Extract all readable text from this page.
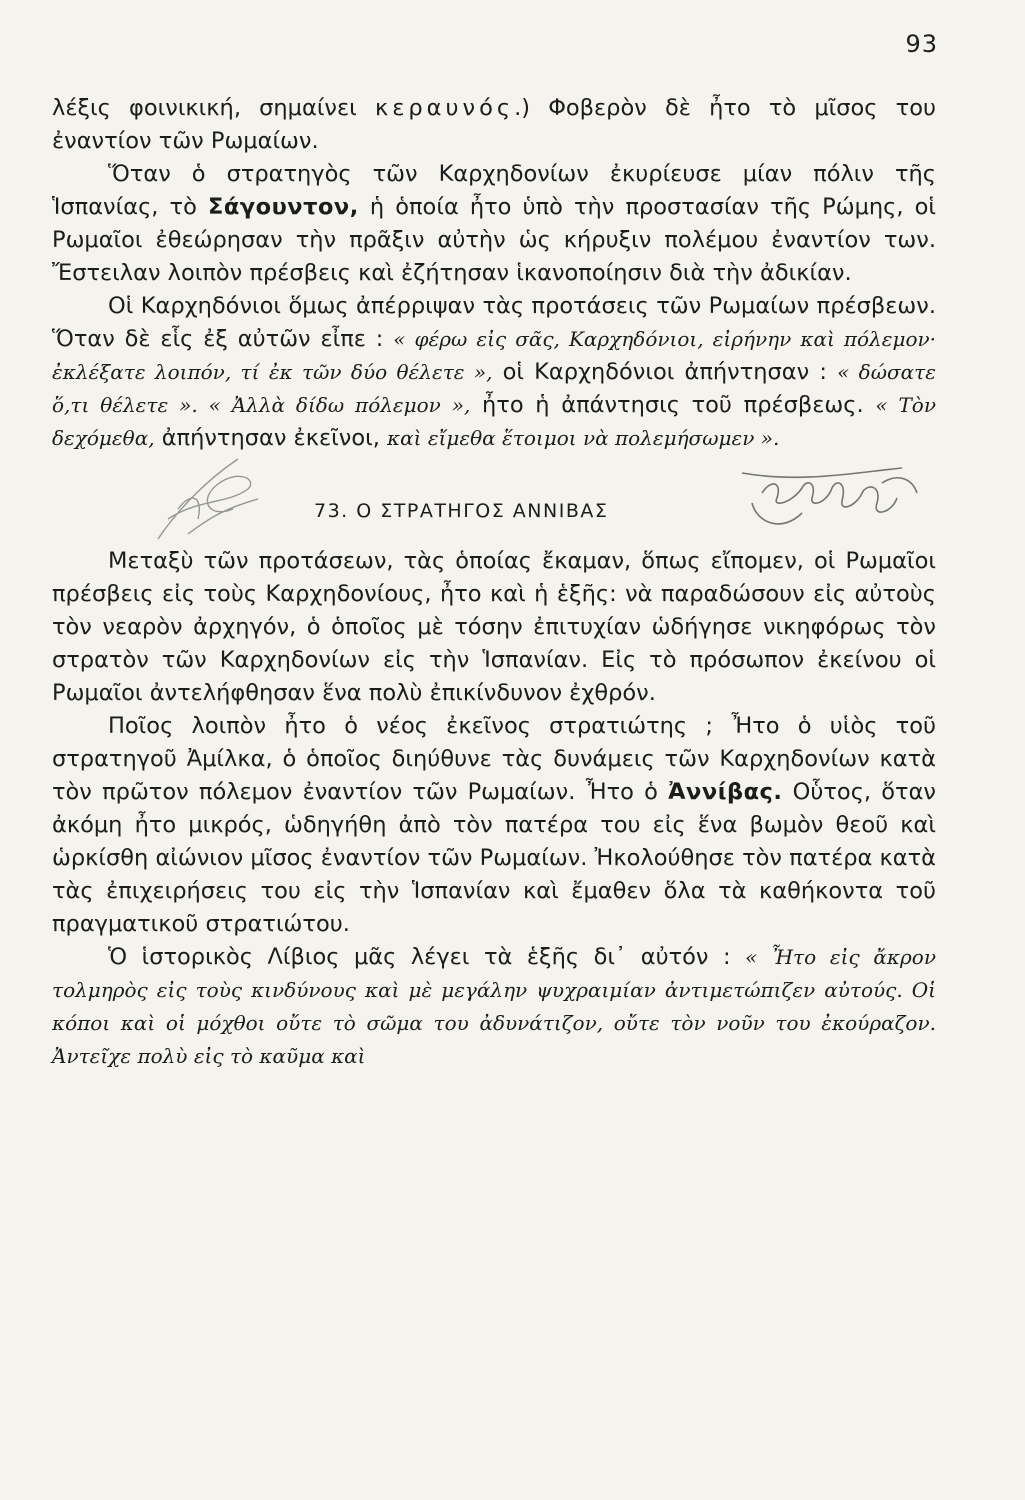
93

λέξις φοινικική, σημαίνει κεραυνός.) Φοβερὸν δὲ ἦτο τὸ μῖσος του ἐναντίον τῶν Ρωμαίων.

Ὅταν ὁ στρατηγὸς τῶν Καρχηδονίων ἐκυρίευσε μίαν πόλιν τῆς Ἱσπανίας, τὸ Σάγουντον, ἡ ὁποία ἦτο ὑπὸ τὴν προστασίαν τῆς Ρώμης, οἱ Ρωμαῖοι ἐθεώρησαν τὴν πρᾶξιν αὐτὴν ὡς κήρυξιν πολέμου ἐναντίον των. Ἔστειλαν λοιπὸν πρέσβεις καὶ ἐζήτησαν ἱκανοποίησιν διὰ τὴν ἀδικίαν.

Οἱ Καρχηδόνιοι ὅμως ἀπέρριψαν τὰς προτάσεις τῶν Ρωμαίων πρέσβεων. Ὅταν δὲ εἷς ἐξ αὐτῶν εἶπε : « φέρω εἰς σᾶς, Καρχηδόνιοι, εἰρήνην καὶ πόλεμον· ἐκλέξατε λοιπόν, τί ἐκ τῶν δύο θέλετε », οἱ Καρχηδόνιοι ἀπήντησαν : « δώσατε ὅ,τι θέλετε ». « Ἀλλὰ δίδω πόλεμον », ἦτο ἡ ἀπάντησις τοῦ πρέσβεως. « Τὸν δεχόμεθα, ἀπήντησαν ἐκεῖνοι, καὶ εἴμεθα ἕτοιμοι νὰ πολεμήσωμεν ».

73. Ο ΣΤΡΑΤΗΓΟΣ ΑΝΝΙΒΑΣ

Μεταξὺ τῶν προτάσεων, τὰς ὁποίας ἔκαμαν, ὅπως εἴπομεν, οἱ Ρωμαῖοι πρέσβεις εἰς τοὺς Καρχηδονίους, ἦτο καὶ ἡ ἑξῆς: νὰ παραδώσουν εἰς αὐτοὺς τὸν νεαρὸν ἀρχηγόν, ὁ ὁποῖος μὲ τόσην ἐπιτυχίαν ὡδήγησε νικηφόρως τὸν στρατὸν τῶν Καρχηδονίων εἰς τὴν Ἱσπανίαν. Εἰς τὸ πρόσωπον ἐκείνου οἱ Ρωμαῖοι ἀντελήφθησαν ἕνα πολὺ ἐπικίνδυνον ἐχθρόν.

Ποῖος λοιπὸν ἦτο ὁ νέος ἐκεῖνος στρατιώτης ; Ἦτο ὁ υἱὸς τοῦ στρατηγοῦ Ἀμίλκα, ὁ ὁποῖος διηύθυνε τὰς δυνάμεις τῶν Καρχηδονίων κατὰ τὸν πρῶτον πόλεμον ἐναντίον τῶν Ρωμαίων. Ἦτο ὁ Ἀννίβας. Οὗτος, ὅταν ἀκόμη ἦτο μικρός, ὡδηγήθη ἀπὸ τὸν πατέρα του εἰς ἕνα βωμὸν θεοῦ καὶ ὡρκίσθη αἰώνιον μῖσος ἐναντίον τῶν Ρωμαίων. Ἠκολούθησε τὸν πατέρα κατὰ τὰς ἐπιχειρήσεις του εἰς τὴν Ἱσπανίαν καὶ ἔμαθεν ὅλα τὰ καθήκοντα τοῦ πραγματικοῦ στρατιώτου.

Ὁ ἱστορικὸς Λίβιος μᾶς λέγει τὰ ἑξῆς δι᾽ αὐτόν : « Ἦτο εἰς ἄκρον τολμηρὸς εἰς τοὺς κινδύνους καὶ μὲ μεγάλην ψυχραιμίαν ἀντιμετώπιζεν αὐτούς. Οἱ κόποι καὶ οἱ μόχθοι οὔτε τὸ σῶμα του ἀδυνάτιζον, οὔτε τὸν νοῦν του ἐκούραζον. Ἀντεῖχε πολὺ εἰς τὸ καῦμα καὶ
